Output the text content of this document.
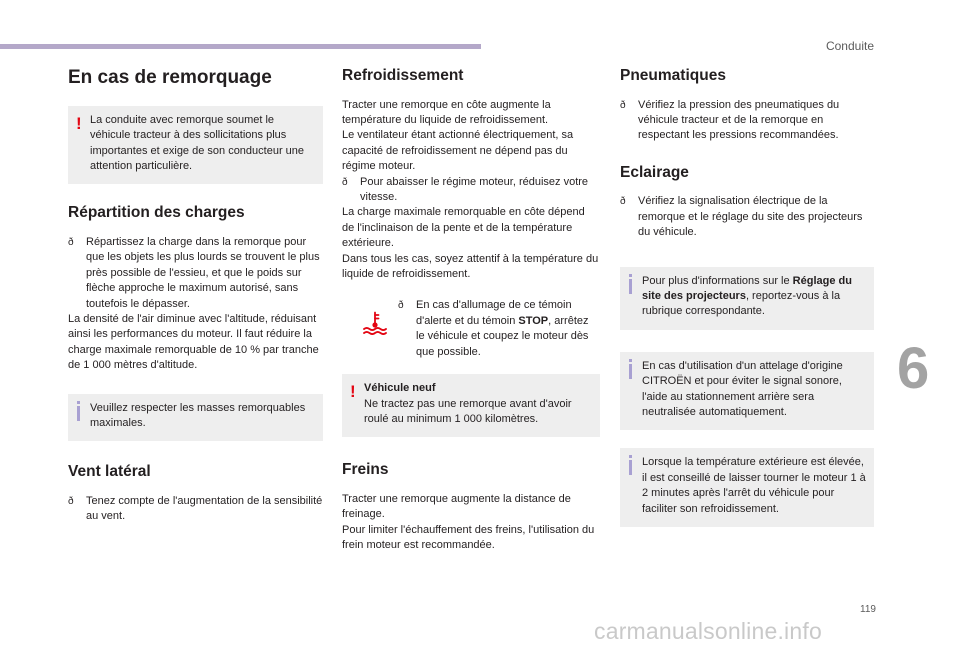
Conduite
6
119
carmanualsonline.info
En cas de remorquage
! La conduite avec remorque soumet le véhicule tracteur à des sollicitations plus importantes et exige de son conducteur une attention particulière.
Répartition des charges
ð Répartissez la charge dans la remorque pour que les objets les plus lourds se trouvent le plus près possible de l'essieu, et que le poids sur flèche approche le maximum autorisé, sans toutefois le dépasser.

La densité de l'air diminue avec l'altitude, réduisant ainsi les performances du moteur. Il faut réduire la charge maximale remorquable de 10 % par tranche de 1 000 mètres d'altitude.

Veuillez respecter les masses remorquables maximales.
Vent latéral
ð Tenez compte de l'augmentation de la sensibilité au vent.
Refroidissement

Tracter une remorque en côte augmente la température du liquide de refroidissement.

Le ventilateur étant actionné électriquement, sa capacité de refroidissement ne dépend pas du régime moteur.

ð Pour abaisser le régime moteur, réduisez votre vitesse.

La charge maximale remorquable en côte dépend de l'inclinaison de la pente et de la température extérieure.

Dans tous les cas, soyez attentif à la température du liquide de refroidissement.

ð En cas d'allumage de ce témoin d'alerte et du témoin STOP, arrêtez le véhicule et coupez le moteur dès que possible.
! Véhicule neuf
Ne tractez pas une remorque avant d'avoir roulé au minimum 1 000 kilomètres.
Freins

Tracter une remorque augmente la distance de freinage.

Pour limiter l'échauffement des freins, l'utilisation du frein moteur est recommandée.

Pneumatiques
ð Vérifiez la pression des pneumatiques du véhicule tracteur et de la remorque en respectant les pressions recommandées.
Eclairage
ð Vérifiez la signalisation électrique de la remorque et le réglage du site des projecteurs du véhicule.
Pour plus d'informations sur le Réglage du site des projecteurs, reportez-vous à la rubrique correspondante.
En cas d'utilisation d'un attelage d'origine CITROËN et pour éviter le signal sonore, l'aide au stationnement arrière sera neutralisée automatiquement.
Lorsque la température extérieure est élevée, il est conseillé de laisser tourner le moteur 1 à 2 minutes après l'arrêt du véhicule pour faciliter son refroidissement.
